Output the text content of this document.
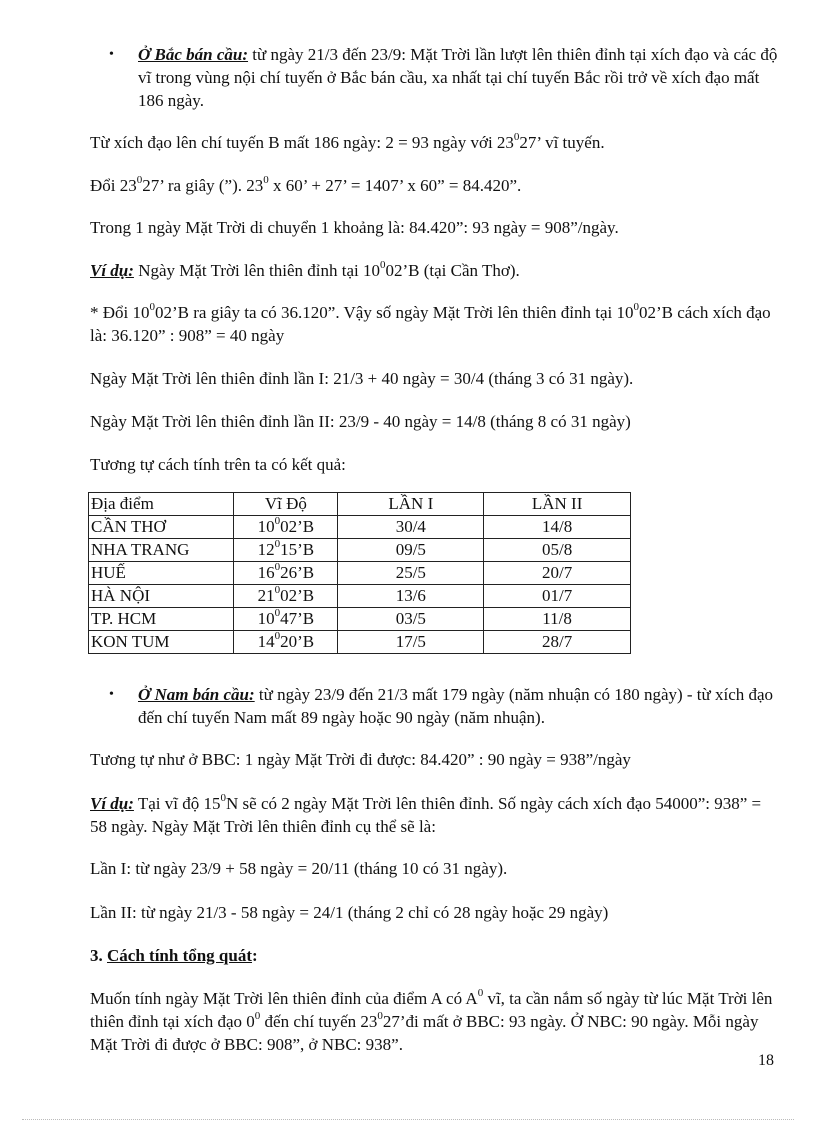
• Ở Bắc bán cầu: từ ngày 21/3 đến 23/9: Mặt Trời lần lượt lên thiên đỉnh tại xích đạo và các độ vĩ trong vùng nội chí tuyến ở Bắc bán cầu, xa nhất tại chí tuyến Bắc rồi trở về xích đạo mất 186 ngày.

Từ xích đạo lên chí tuyến B mất 186 ngày: 2 = 93 ngày với $23^027$’ vĩ tuyến.

Đổi $23^027$’ ra giây (”). $23^0$ x 60’ + 27’ = 1407’ x 60” = 84.420”.

Trong 1 ngày Mặt Trời di chuyển 1 khoảng là: 84.420”: 93 ngày = 908”/ngày.

Ví dụ: Ngày Mặt Trời lên thiên đỉnh tại $10^002’B$ (tại Cần Thơ).

* Đổi $10^002’B$ ra giây ta có 36.120”. Vậy số ngày Mặt Trời lên thiên đỉnh tại $10^002’B$ cách xích đạo là: 36.120” : 908” = 40 ngày

Ngày Mặt Trời lên thiên đỉnh lần I: 21/3 + 40 ngày = 30/4 (tháng 3 có 31 ngày).

Ngày Mặt Trời lên thiên đỉnh lần II: 23/9 - 40 ngày = 14/8 (tháng 8 có 31 ngày)

Tương tự cách tính trên ta có kết quả:

Địa điểm	Vĩ Độ	LẦN I	LẦN II
CẦN THƠ	$10^002’B$	30/4	14/8
NHA TRANG	$12^015’B$	09/5	05/8
HUẾ	$16^026’B$	25/5	20/7
HÀ NỘI	$21^002’B$	13/6	01/7
TP. HCM	$10^047’B$	03/5	11/8
KON TUM	$14^020’B$	17/5	28/7
• Ở Nam bán cầu: từ ngày 23/9 đến 21/3 mất 179 ngày (năm nhuận có 180 ngày) - từ xích đạo đến chí tuyến Nam mất 89 ngày hoặc 90 ngày (năm nhuận).

Tương tự như ở BBC: 1 ngày Mặt Trời đi được: 84.420” : 90 ngày = 938”/ngày

Ví dụ: Tại vĩ độ $15^0N$ sẽ có 2 ngày Mặt Trời lên thiên đỉnh. Số ngày cách xích đạo 54000”: 938” = 58 ngày. Ngày Mặt Trời lên thiên đỉnh cụ thể sẽ là:

Lần I: từ ngày 23/9 + 58 ngày = 20/11 (tháng 10 có 31 ngày).

Lần II: từ ngày 21/3 - 58 ngày = 24/1 (tháng 2 chỉ có 28 ngày hoặc 29 ngày)

3. Cách tính tổng quát:

Muốn tính ngày Mặt Trời lên thiên đỉnh của điểm A có $A^0$ vĩ, ta cần nắm số ngày từ lúc Mặt Trời lên thiên đỉnh tại xích đạo $0^0$ đến chí tuyến $23^027’đi$ mất ở BBC: 93 ngày. Ở NBC: 90 ngày. Mỗi ngày Mặt Trời đi được ở BBC: 908”, ở NBC: 938”.

18
